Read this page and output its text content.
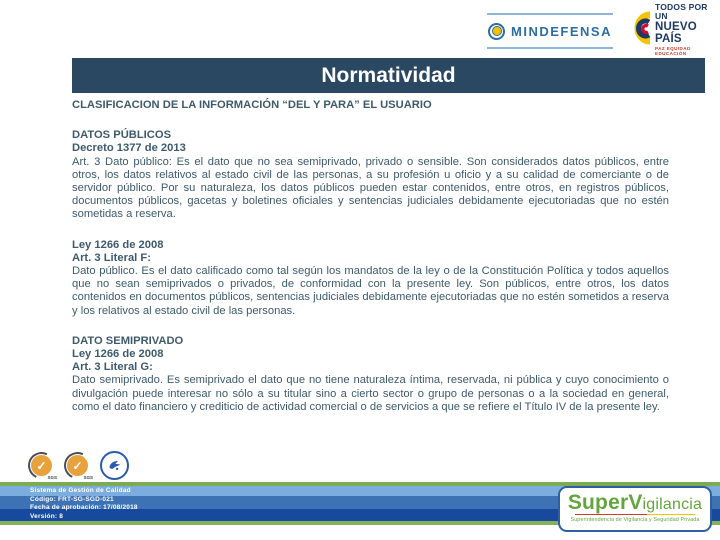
MINDEFENSA
TODOS POR UN
NUEVO PAÍS
PAZ EQUIDAD EDUCACIÓN
Normatividad

CLASIFICACION DE LA INFORMACIÓN “DEL Y PARA” EL USUARIO

DATOS PÚBLICOS
Decreto 1377 de 2013
Art. 3 Dato público: Es el dato que no sea semiprivado, privado o sensible. Son considerados datos públicos, entre otros, los datos relativos al estado civil de las personas, a su profesión u oficio y a su calidad de comerciante o de servidor público. Por su naturaleza, los datos públicos pueden estar contenidos, entre otros, en registros públicos, documentos públicos, gacetas y boletines oficiales y sentencias judiciales debidamente ejecutoriadas que no estén sometidas a reserva.
Ley 1266 de 2008
Art. 3 Literal F:
Dato público. Es el dato calificado como tal según los mandatos de la ley o de la Constitución Política y todos aquellos que no sean semiprivados o privados, de conformidad con la presente ley. Son públicos, entre otros, los datos contenidos en documentos públicos, sentencias judiciales debidamente ejecutoriadas que no estén sometidos a reserva y los relativos al estado civil de las personas.
DATO SEMIPRIVADO
Ley 1266 de 2008
Art. 3 Literal G:
Dato semiprivado. Es semiprivado el dato que no tiene naturaleza íntima, reservada, ni pública y cuyo conocimiento o divulgación puede interesar no sólo a su titular sino a cierto sector o grupo de personas o a la sociedad en general, como el dato financiero y crediticio de actividad comercial o de servicios a que se refiere el Título IV de la presente ley.
✓
SGS
✓
SGS
Sistema de Gestión de Calidad
Código: FRT-SG-SGD-021
Fecha de aprobación: 17/08/2018
Versión: 8
SuperVigilancia
Superintendencia de Vigilancia y Seguridad Privada
